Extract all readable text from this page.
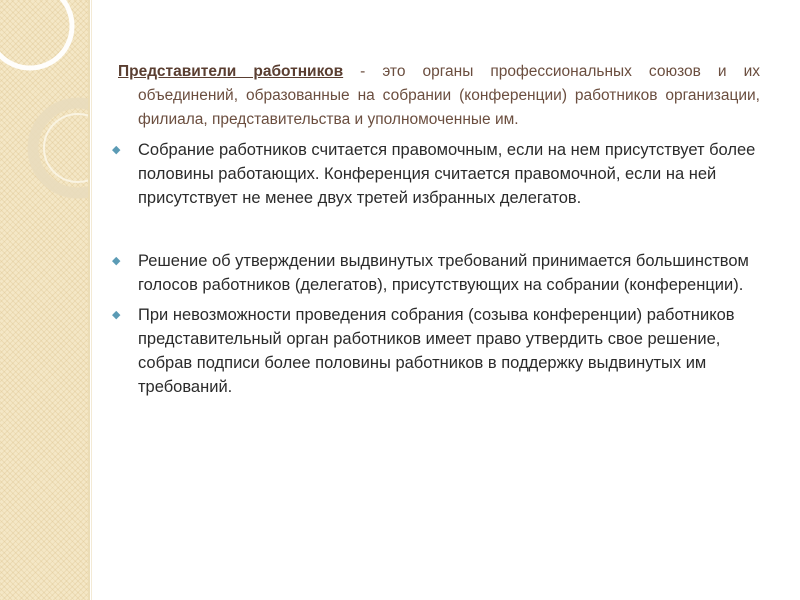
Представители работников - это органы профессиональных союзов и их объединений, образованные на собрании (конференции) работников организации, филиала, представительства и уполномоченные им.

◆ Собрание работников считается правомочным, если на нем присутствует более половины работающих. Конференция считается правомочной, если на ней присутствует не менее двух третей избранных делегатов.
◆ Решение об утверждении выдвинутых требований принимается большинством голосов работников (делегатов), присутствующих на собрании (конференции).
◆ При невозможности проведения собрания (созыва конференции) работников представительный орган работников имеет право утвердить свое решение, собрав подписи более половины работников в поддержку выдвинутых им требований.
